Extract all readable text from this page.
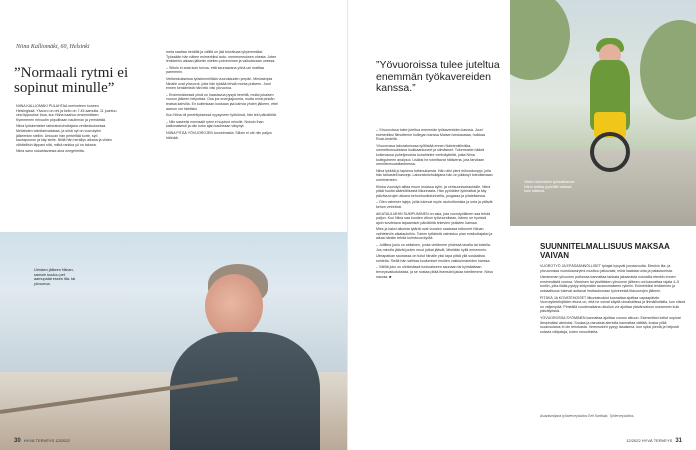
Niina Kalliomäki, 60, Helsinki
”Normaali rytmi ei sopinut minulle”

NIINA KALLIOMÄKI PULAHTAA meriveteen koneen Helsingissä. Ylvuoro on ohi ja kello on 7.45 aamulla. 11 juontuu vesi tippuukse ihoa, kun Niina kaahoo ensimmäisen. Kymmenen minuutin pöpulihaan nautinnon ja ymmärtää.

Niina työskentelee laboratoriohoitajana verikeskuksessa Meilahden toimitarivadassa, ja siinä nyt on vuorotyöni jälkeenkin sielliin. Uniuuan hän perkeltää korte, syö kaurapuuron ja käy sielle. Niillä hän heräilyn aikana ja viiden vähitellisin läppani sitä, mitkä rankka yö on takana.

Niina sano nukahtavansa aina onegelmitta.

meta saattaa heräillä ja välillä on jää toivottuaa lyhyemmäksi. Työssään hän näkee esimerkiksi auto- ommeoneuksen ohesta. Joten lenkkeinin aikaan jälkeän mielien polveminan ja vaikutavaan unessa.

– Siltoin ei auta kuin toivoa, että seuraavana yönä uni maittaa paremmin.

Verikeskuksessa työskennellään vuorokauden ympäri. Mielusimpia Ninalle ovat yövuorot, joita hän tykkää tehdä monta putkeen. Jouri ennen keräämistä hän teki viisi yövuoroa.

– Ensimmäisessä yönä on haastavua pysyä hereillä, mutta jokaisen vuoron jälkeen helpottaa. Osa jos energiajuomia, mutta minä pirstän teatsia kahvilla. En kuitenkaan koskaan jaa kahvia yhden jälkeen, ettei aamun uni häiritsisi.

Kun Niina oli perehtiyksessä nyysyneen työhönsä, hän teki päivätöitä.

– Niin saseeisi normaalit rytmi ei sopinut minulle. Nukuin ihan katkonaisesti ja olin koko ajan kauheaan väsynyt.

NIINA PITÄÄ YÖVUOROJEN tuonelmasta. Silloin ei ole niin paljon hälinää.

Uimisen jälkeen Niinan, samoin kuuluu pet aamupalat essen ilta- tai yövuoroa.
30 HYVÄ TERVEYS 12/2022
”Yövuoroissa tulee juteltua enemmän työkavereiden kanssa.”

– Yövuoroissa tulee juteltua enemmän työkavereiden kanssa. Jouri esimerkiksi filmuitteme kollegan kanssa Maisen keskaustaa, hoikkaa Rock-lestellä.

Yövuorossa laboratoriossa työllistää ennen Naistenkliinikka, ommettomuuksissa loukkaantuneet ja silmäsiset. Tukemusten lääeä kolkevassa puheljonoista kohahtelee vertinäytteitä, jotka Niina kollegoineen analysoi. Lisäksi he toimittavat hätäveria, jota tarvitaan ommittomuustilanteessa.

Niina tykkää jo lapsena tutkimuksesta. Hän olisi pieni mikroskooppi, jolla hän tarkasteli kasveja. Laboratoriohoitajana hän on päässyt toteuttamaan unelmieneen.

Kiinka vuorotyö alitaa muun muassa sylin- ja verisuonisairauksille. Niina pitää huolta sääntöllisestä liikunnasta. Hän pyöräilee työmatkat ja käy päivävuorojen aikana kehonhuoltotunneilla, joogassa ja pilateksessa.

– Olen valmiser lajeja, joilla tukevat myös rauhoittumista ja unta ja pitävät kehon vetreänä.

AIKATAULUIHIN SUMPLIMINEN on asia, jota vuorotyöläinen saa tehdä paljon. Kun Niina saa kuuden viikon työvuorolistan, hänen on hyvissä ajoin sovitetava tapaamiset päivätöitä tekevien ystävien kanssa.

Mies ja kaksi aikuista tytärtä ovat vuosien saatossa tottuneet Niinan vaihteleviin aikatauluihin. Toinen tyttäristä valmistuu pian ensihoitajaksi ja alkaa hänkin tehdä kolmivuorotyötä.

– Jutiltiea joulu on sellainen, jonka vietämme yhdessä tavalla tai toisella. Jos minulla jäävät joulen muut jutkat jäävät, lähetään kyllä ennemmin.

Uimapaikan saunassa on tullut Ninalle yksi tapa pitää yllä sosiaalisia suhteita. Siellä hän vaihtaa kuulumiset muiden vakiouimareiden kanssa.

– Välillä joku on siirtämässä tunkuakseen saunaan tai kylmäaltaan terveysvaikutuksista, ja se nostaa pitää itsensäni jakaa toteillemme. Niina nauraa. ■

Viiden kilometrin työmatkansa Niina taittaa pyörällä säässä kuin säässä.
SUUNNITELMALLISUUS MAKSAA VAIVAN

VUOROTYÖ JA EPÄSÄÄNNÖLLISET työajat kysyvät joustavuutta. Etenkin ilta- ja yövuoroissa vuorokausirytmi muuttuu jatkuvasti, mikä haastaa unta ja palautumista.

Useamman yövuoron putkessa kannattaa tankata jaksamista nokosilla etenkin ennen ensimmäistä vuoroa. Vimeisen tai yksittäisen yövuoron jälkeen uni kannattaa rajata 4–5 tuntiin, jotta illalla pystyy siirtymään tavanomaiseen rytmiin. Esimerkiksi lenkkeinen ja sosiaalisuus tukevat auttavat irrottautumaan työvireestä iltavuorojen jälkeen.

PITÄKÄ JA KOVATEHOISET liikuntatuokiot kannattaa ajoittaa vapaapäiviin. Vuorotyöntekijöiden etuna on, että he voivat käydä uimahallissa ja lihmäillutilalla, kun niissä on väljempää. Pimeällä vuodenaikana ulkoilun voi ajoittaa päivänvaloon useammin kuin päivätyössä.

YÖVUOROSSA SYÖMINEN kannattaa ajoittaa vuoron alkuun. Esimerkiksi keitot sopivat lämpimäksi aterioksi. Suolaa ja rasvaisia aterioita kannattaa välttää, koska yöllä ruoansulatus ei ole tehokasta. Verensokeri pysyy tasaisena, kun syksi pieniä ja helposti sulavia välipaloja, kuten smoothieita.

Asiantuntijana työsterveyslaitos Eeli Karttiala, Työterveyslaitos.
12/2022 HYVÄ TERVEYS 31
